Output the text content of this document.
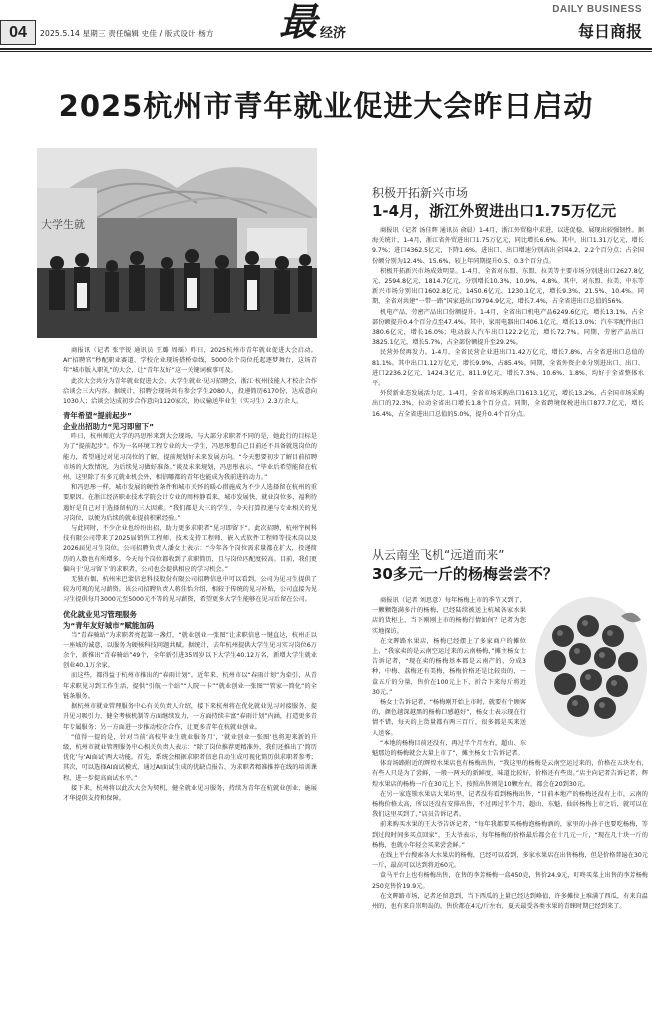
04	2025.5.14 星期三 责任编辑 史佳 / 版式设计 杨方 最 经济
DAILY BUSINESS
每日商报
2025杭州市青年就业促进大会昨日启动
大学生就

商报讯（记者 张宇锐 通讯员 王璐 周瑶）昨日，2025杭州市青年就业促进大会启动。AI“招聘官”秒配职业赛道、学校企业现场搭桥牵线，5000余个岗位托起逐梦舞台，这场青年“城市版入职礼”的大会，让“青年友好”这一关键词被事可及。

此次大会共分为青年就业促进大会、大学生就业·见习招聘会，浙江·杭州技能人才校企合作洽谈会三大内容。据统计，招聘会现场共有参会学生2080人，投递简历6170份，达成意向1030人；洽谈会达成初步合作意向1120家次，协议输送毕业生（实习生）2.3万余人。

青年希望“提前起步”

企业出招助力“见习即留下”

昨日，杭州师范大学的冯思彤来到大会现场，与大部分求职者不同的是，她此行的目标是为了“提前起步”。作为一名环境工程专业的大一学生，冯思彤想自己目前还不具备就选岗位的能力，希望通过对见习岗位的了解，提前规划好未来发展方向。“今天想要初步了解目前招聘市场的大致情况，为后续见习做好准备。”谈及未来规划，冯思彤表示，“毕业后希望能留在杭州，这里除了有多元就业机会外，相信哪都的青年也能成为我前进的动力。”

和冯思彤一样，城市发展的硬性条件和城市关怀的暖心措施成为不少人选择留在杭州的重要原因。在浙江经济职业技术学院会计专业的周梓静看来，城市发展快、就业岗位多、福利待遇好是自己对于选择留杭的三大因素。“我们都是大三的学生，今天打算投递与专业相关的见习岗位，以便为后续的就业提前积累经验。”

与此同时，不少企业也纷纷出招，助力更多求职者“见习即留下”。此次招聘，杭州宇树科技有限公司带来了2025届销售工程师、技术支持工程师、嵌入式软件工程师等技术岗以及2026届见习生岗位。公司招聘负责人潘女士表示：“今年各个岗位需求量都在扩大，投递简历的人数也有所增多。今天每个岗位都收到了求职简历，且与岗位匹配度较高。目前，我们更偏向于‘见习留下’的求职者，公司也会提供相应的学习机会。”

无独有偶，杭州米巴蒙信息科技股份有限公司招聘信息中可以看到，公司为见习生提供了较为可观的见习薪资。该公司招聘负责人蒋佳怡介绍，相较于传统的见习补贴，公司直接为见习生提供每月3000元至5000元不等的见习薪资，希望更多大学生能够在见习后留在公司。

优化就业见习管理服务

为“青年友好城市”赋能加码

当“青春骑站”为求职者亮起第一盏灯，“就业创业一张图”让求职信息一键直达，杭州正以一座城的诚意，以服务为硬核科技问题共赋。据统计，去年杭州提供大学生见习实习岗位6万余个，新推出“青春骑站”49个，全年新引进35周岁以下大学生40.12万名，新增大学生就业创业40.1万余家。

而这些，都得益于杭州市推出的“春雨计划”。近年来，杭州市以“春雨计划”为牵引，从青年求职见习到工作生活，提供“引航一个站”“人院一卡”“就业创业一张图”“管家一简化”的全链条服务。

据杭州市就业管理服务中心有关负责人介绍，接下来杭州将在优化就业见习对接服务、提升见习吸引力、健全考核机制等方面继续发力，一方面持续丰富“春雨计划”内涵，打造更多青年专属服务；另一方面进一步推动校企合作，让更多青年在杭就业创业。

“值得一提的是，针对当前‘高校毕业生就业服务月’，‘就业创业一张图’也将迎来新的升级，杭州市就业管理服务中心相关负责人表示：“除了岗位推荐更精准外，我们还推出了‘简历优化’与‘AI面试’两大功能。首先，系统会根据求职者信息自动生成可视化简历供求职者参考；其次，可以选择AI面试模式，通过AI面试生成的优缺点报告，为求职者精准推荐在线的培训课程，进一步提高面试水平。”

接下来，杭州将以此次大会为契机，健全就业见习服务，持续为青年在杭就业创业、施展才华提供支持和保障。

积极开拓新兴市场
1-4月，浙江外贸进出口1.75万亿元

商报讯（记者 汤佳辉 通讯员 俞晨）1-4月，浙江外贸稳中求进，以进促稳，展现出较强韧性。据海关统计，1-4月，浙江省外贸进出口1.75万亿元，同比增长6.6%。其中，出口1.31万亿元，增长9.7%；进口4362.5亿元，下降1.6%。进出口、出口增速分别高出全国4.2、2.2个百分点；占全国份额分别为12.4%、15.6%，较上年同期提升0.5、0.3个百分点。

积极开拓新兴市场成效明显。1-4月，全省对东盟、东盟、拉美等主要市场分别进出口2627.8亿元、2594.8亿元、1814.7亿元，分别增长10.3%、10.9%、4.8%。其中，对东盟、拉美、中东等新兴市场分别出口1602.8亿元、1450.6亿元、1230.1亿元，增长9.3%、21.5%、10.4%。同期，全省对共建“一带一路”国家进出口9794.9亿元，增长7.4%，占全省进出口总值的56%。

机电产品、劳密产品出口份额提升。1-4月，全省出口机电产品6249.6亿元，增长13.1%，占全部份额提升0.4个百分点至47.4%。其中，家用电器出口406.1亿元，增长13.0%；汽车零配件出口380.6亿元，增长16.0%；电动载人汽车出口122.2亿元，增长72.7%。同期，劳密产品出口3825.1亿元，增长5.7%，占全部份额提升至29.2%。

民营外贸再发力。1-4月，全省民营企业进出口1.42万亿元，增长7.8%，占全省进出口总值的81.1%。其中出口1.12万亿元，增长9.9%，占85.4%。同期，全省外资企业分别进出口、出口、进口2236.2亿元、1424.3亿元、811.9亿元，增长7.3%、10.6%、1.8%，均好于全省整体水平。

外贸新业态发展活力足。1-4月，全省市场采购出口1613.1亿元，增长13.2%，占全国市场采购出口的72.3%，拉动全省出口增长1.8个百分点。同期，全省跨境保税进出口877.7亿元，增长16.4%，占全省进出口总值的5.0%，提升0.4个百分点。

从云南坐飞机“远道而来”
30多元一斤的杨梅尝尝不？

商报讯（记者 刘思意）每年杨梅上市的季节又到了，一颗颗饱满多汁的杨梅，已经陆续被送上杭城各家水果店的货柜上，当下刚刚上市的杨梅行情如何？记者为您实地探访。

在文晖路水果店，杨梅已经摆上了多家商户的摊位上，“我家卖的是云南空运过来的云南杨梅，”摊主杨女士告诉记者，“现在卖的杨梅基本都是云南产的，分成3种，中梅、荔梅还有美梅，杨梅价格还是比较贵的，一盒五斤的分量，售价在100元上下，折合下来每斤将近30元。”

杨女士告诉记者，“杨梅刚开始上市时，就要有个顾客的，颜色越深越黑的杨梅口感越好”，杨女士表示现在行情不错，每天的上货量都有两三百斤，很多都是买来送人送客。

“本地的杨梅目前还没有，再过半个月左右，超山、东魁那边的杨梅就会大量上市了”，摊主杨女士告诉记者。

体育场路附近的辉煌水果店也有杨梅出售，“我这里的杨梅是云南空运过来的，价格在五块左右，有些人只是为了尝鲜，一般一两天的新鲜度，味道比较好，价格还有些贵。”店主向记者告诉记者，辉煌水果店的杨梅一斤在30元上下，按照出售则是10颗左右，都会在20到30元。

在另一家连锁水果店大果坊里，记者没有看到杨梅出售，“目前本地产的杨梅还没有上市，云南的杨梅价格太高，所以还没有安排出售，不过再过半个月，超山、东魁、仙居杨梅上市之后，就可以在我们这里买到了，”店员告诉记者。

前来购买水果的王大爷告诉记者，“每年我都要买杨梅泡杨梅酒的，家里的小孙子也要吃杨梅，等到过段时间多买点回家”，王大爷表示，每年杨梅的价格最后都会在十几元一斤，“现在几十块一斤的杨梅，也就小年轻会买来尝尝鲜。”

在线上平台搜索各大水果店的杨梅，已经可以看到，多家水果店在出售杨梅，但是价格普遍在30元一斤，最高可以达到将近60元。

盒马平台上也有杨梅出售，在售的李芳杨梅一盒450克，售价24.9元，叮咚买菜上出售的李芳杨梅250克售价19.9元。

在文晖路市场，记者还留意到，当下西瓜的上量已经达到峰值，许多摊位上堆满了西瓜，有来自温州的，也有来自崇明岛的，售价都在4元/斤左右，夏天最受各类水果的青睐时期已经到来了。
